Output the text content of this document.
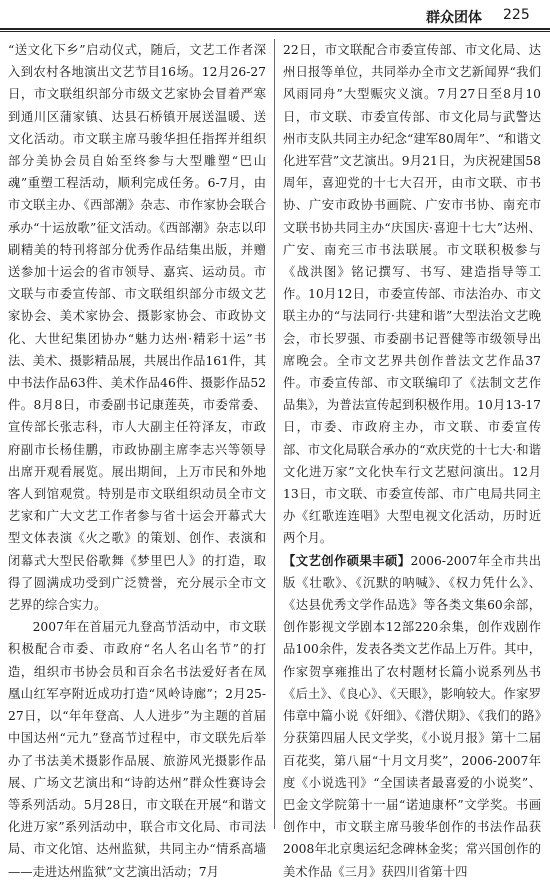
群众团体 225

“送文化下乡”启动仪式，随后，文艺工作者深入到农村各地演出文艺节目16场。12月26-27日，市文联组织部分市级文艺家协会冒着严寒到通川区蒲家镇、达县石桥镇开展送温暖、送文化活动。市文联主席马骏华担任指挥并组织部分美协会员自始至终参与大型雕塑“巴山魂”重塑工程活动，顺利完成任务。6-7月，由市文联主办、《西部潮》杂志、市作家协会联合承办“十运放歌”征文活动。《西部潮》杂志以印刷精美的特刊将部分优秀作品结集出版，并赠送参加十运会的省市领导、嘉宾、运动员。市文联与市委宣传部、市文联组织部分市级文艺家协会、美术家协会、摄影家协会、市政协文化、大世纪集团协办“魅力达州·精彩十运”书法、美术、摄影精品展，共展出作品161件，其中书法作品63件、美术作品46件、摄影作品52件。8月8日，市委副书记康莲英，市委常委、宣传部长张志科，市人大副主任符泽友，市政府副市长杨佳鹏，市政协副主席李志兴等领导出席开观看展览。展出期间，上万市民和外地客人到馆观赏。特别是市文联组织动员全市文艺家和广大文艺工作者参与省十运会开幕式大型文体表演《火之歌》的策划、创作、表演和闭幕式大型民俗歌舞《梦里巴人》的打造，取得了圆满成功受到广泛赞誉，充分展示全市文艺界的综合实力。

2007年在首届元九登高节活动中，市文联积极配合市委、市政府“名人名山名节”的打造，组织市书协会员和百余名书法爱好者在凤凰山红军亭附近成功打造“风岭诗廊”；2月25-27日，以“年年登高、人人进步”为主题的首届中国达州“元九”登高节过程中，市文联先后举办了书法美术摄影作品展、旅游风光摄影作品展、广场文艺演出和“诗韵达州”群众性赛诗会等系列活动。5月28日，市文联在开展“和谐文化进万家”系列活动中，联合市文化局、市司法局、市文化馆、达州监狱，共同主办“情系高墙——走进达州监狱”文艺演出活动；7月

22日，市文联配合市委宣传部、市文化局、达州日报等单位，共同举办全市文艺新闻界“我们风雨同舟”大型赈灾义演。7月27日至8月10日，市文联、市委宣传部、市文化局与武警达州市支队共同主办纪念“建军80周年”、“和谐文化进军营”文艺演出。9月21日，为庆祝建国58周年，喜迎党的十七大召开，由市文联、市书协、广安市政协书画院、广安市书协、南充市文联书协共同主办“庆国庆·喜迎十七大”达州、广安、南充三市书法联展。市文联积极参与《战洪图》铭记撰写、书写、建造指导等工作。10月12日，市委宣传部、市法治办、市文联主办的“与法同行·共建和谐”大型法治文艺晚会，市长罗强、市委副书记晋健等市级领导出席晚会。全市文艺界共创作普法文艺作品37件。市委宣传部、市文联编印了《法制文艺作品集》，为普法宣传起到积极作用。10月13-17日，市委、市政府主办，市文联、市委宣传部、市文化局联合承办的“欢庆党的十七大·和谐文化进万家”文化快车行文艺慰问演出。12月13日，市文联、市委宣传部、市广电局共同主办《红歌连连唱》大型电视文化活动，历时近两个月。

【文艺创作硕果丰硕】2006-2007年全市共出版《壮歌》、《沉默的呐喊》、《权力凭什么》、《达县优秀文学作品选》等各类文集60余部，创作影视文学剧本12部220余集，创作戏剧作品100余件，发表各类文艺作品上万件。其中，作家贺享雍推出了农村题材长篇小说系列丛书《后土》、《良心》、《天眼》，影响较大。作家罗伟章中篇小说《奸细》、《潜伏期》、《我们的路》分获第四届人民文学奖，《小说月报》第十二届百花奖，第八届“十月文月奖”，2006-2007年度《小说选刊》“全国读者最喜爱的小说奖”、巴金文学院第十一届“诺迪康杯”文学奖。书画创作中，市文联主席马骏华创作的书法作品获2008年北京奥运纪念碑林金奖；常兴国创作的美术作品《三月》获四川省第十四
